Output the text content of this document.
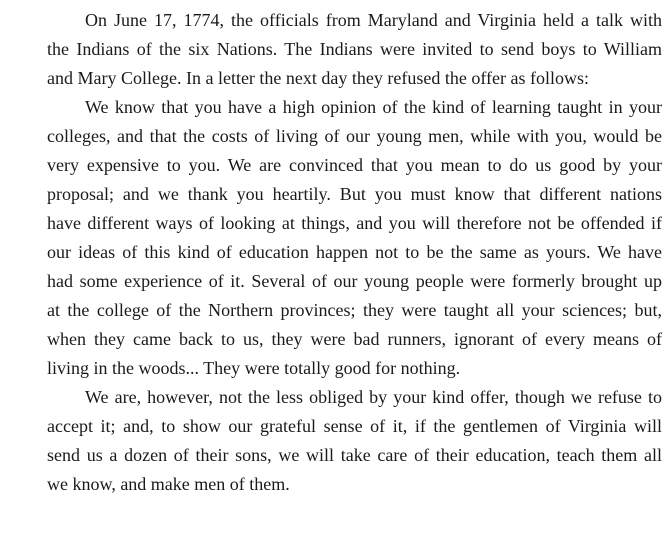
On June 17, 1774, the officials from Maryland and Virginia held a talk with
the Indians of the six Nations. The Indians were invited to send boys to William
and Mary College. In a letter the next day they refused the offer as follows:
We know that you have a high opinion of the kind of learning taught in your
colleges, and that the costs of living of our young men, while with you, would be
very expensive to you. We are convinced that you mean to do us good by your
proposal; and we thank you heartily. But you must know that different nations
have different ways of looking at things, and you will therefore not be offended if
our ideas of this kind of education happen not to be the same as yours. We have
had some experience of it. Several of our young people were formerly brought up
at the college of the Northern provinces; they were taught all your sciences; but,
when they came back to us, they were bad runners, ignorant of every means of
living in the woods... They were totally good for nothing.
We are, however, not the less obliged by your kind offer, though we refuse to
accept it; and, to show our grateful sense of it, if the gentlemen of Virginia will
send us a dozen of their sons, we will take care of their education, teach them all
we know, and make men of them.
